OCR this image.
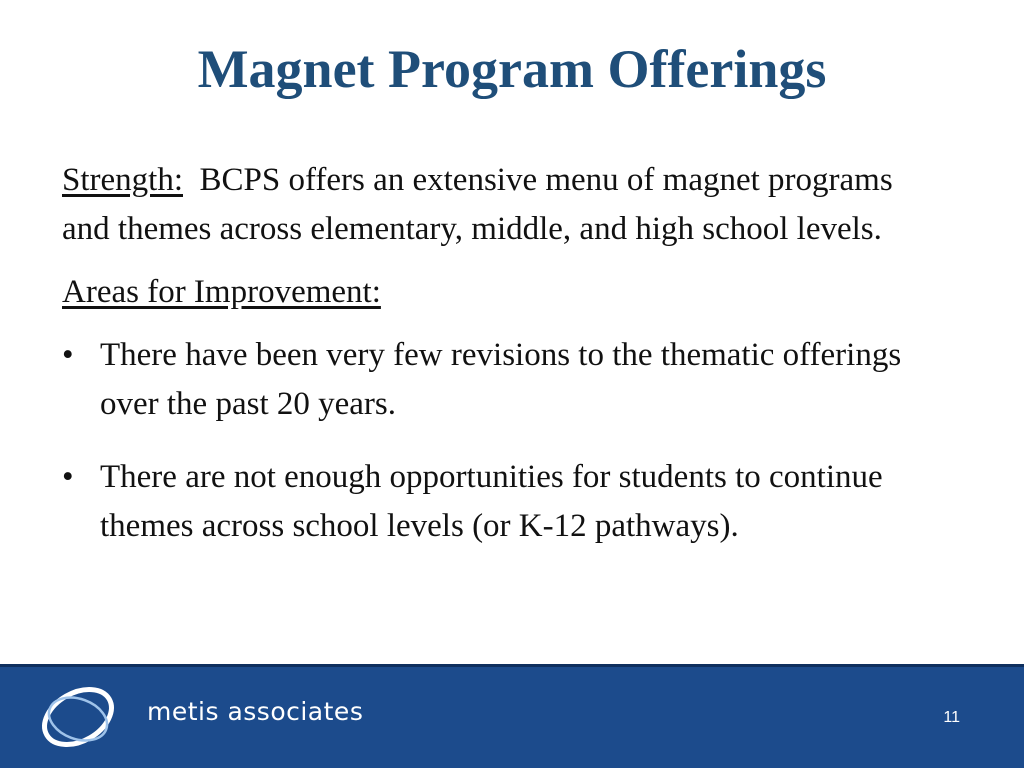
Magnet Program Offerings

Strength: BCPS offers an extensive menu of magnet programs and themes across elementary, middle, and high school levels.

Areas for Improvement:

• There have been very few revisions to the thematic offerings over the past 20 years.
• There are not enough opportunities for students to continue themes across school levels (or K-12 pathways).
metis associates	11
